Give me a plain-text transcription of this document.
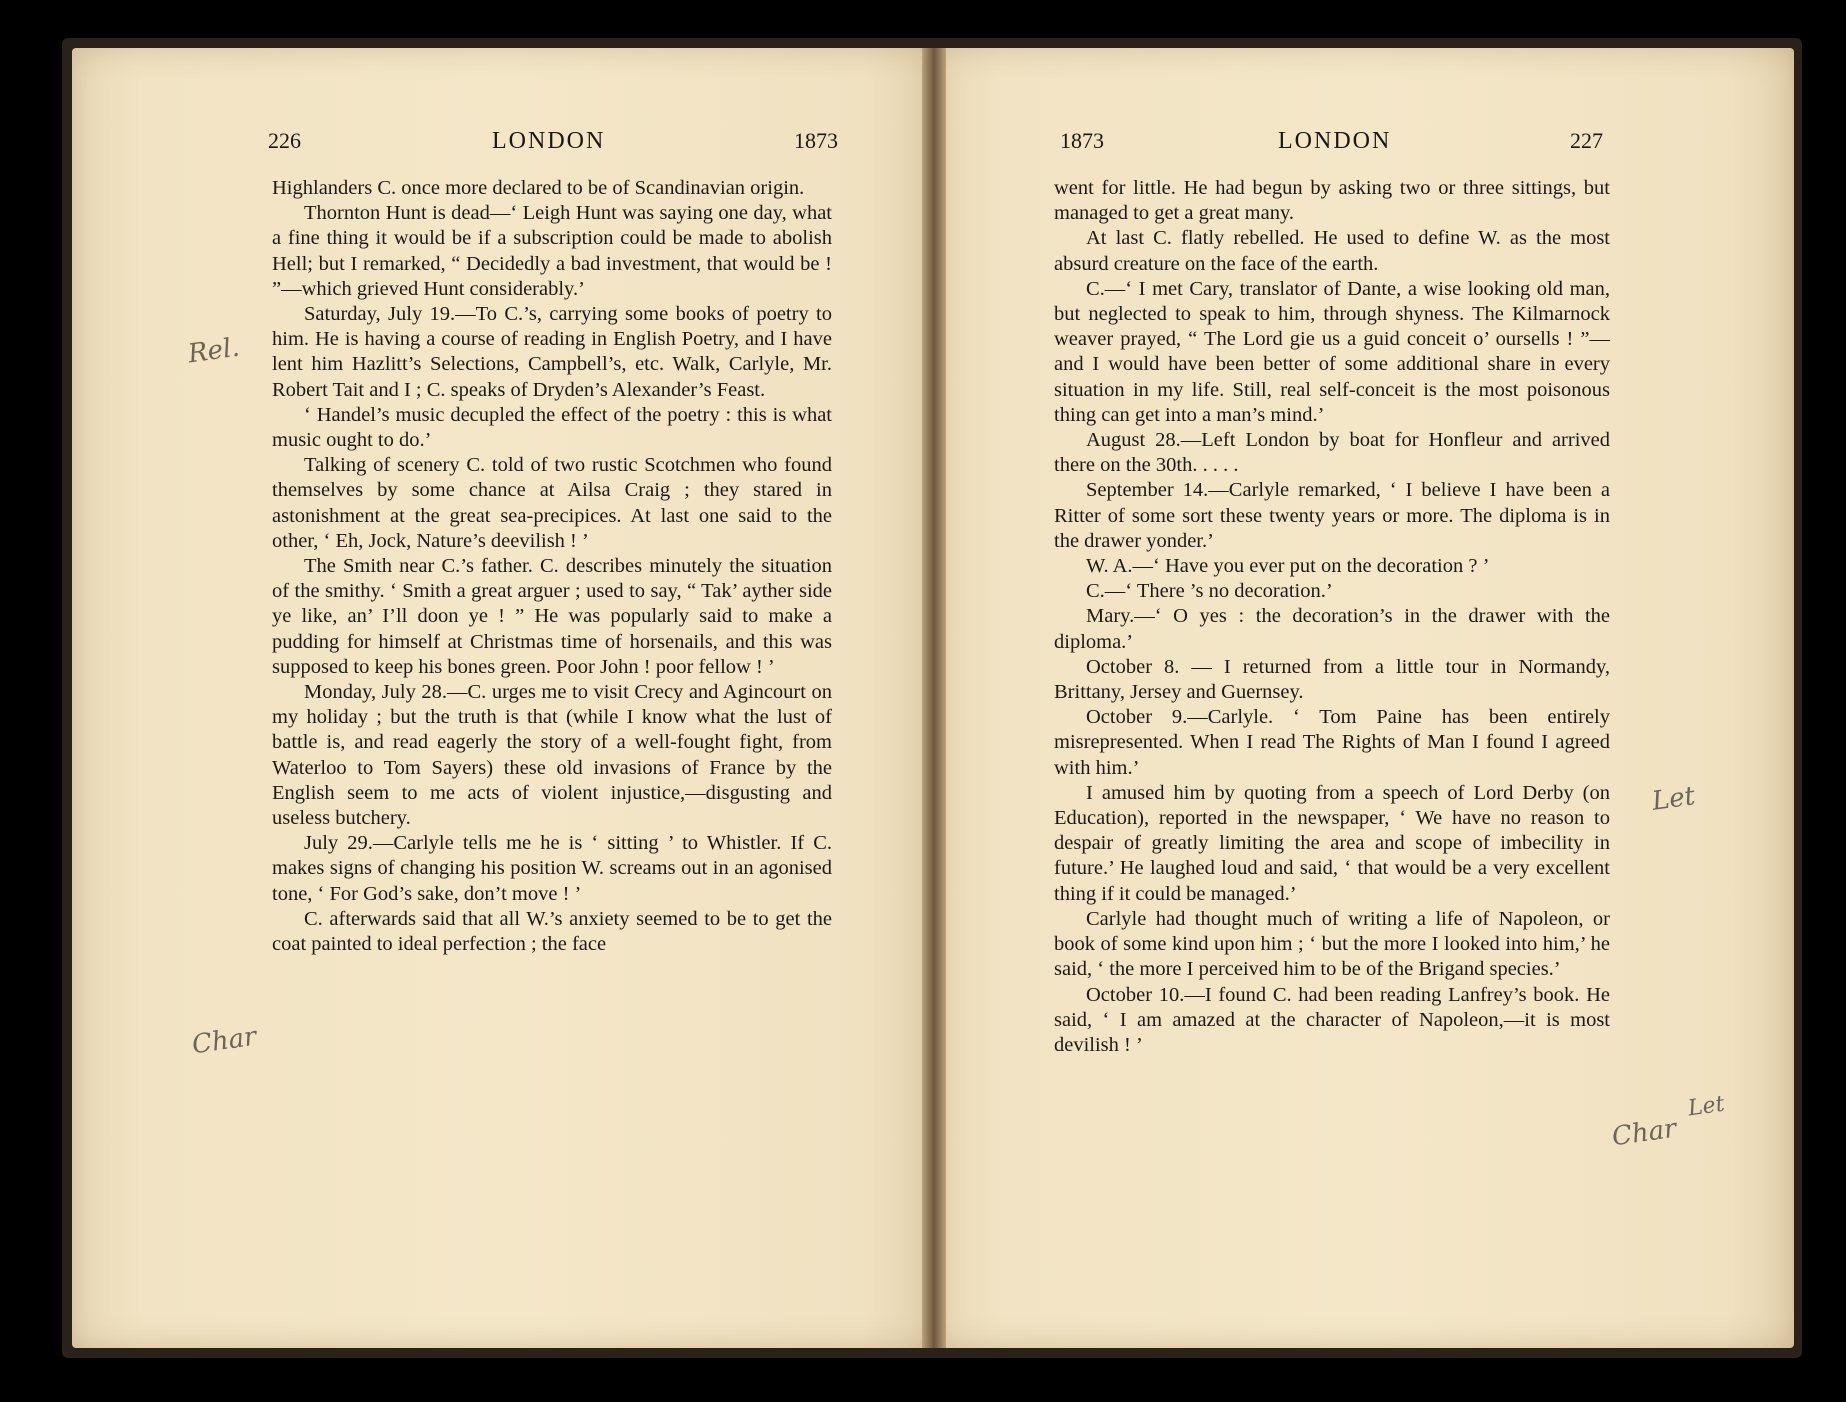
226	LONDON	1873	1873	LONDON	227

Highlanders C. once more declared to be of Scandinavian origin.

Thornton Hunt is dead—‘ Leigh Hunt was saying one day, what a fine thing it would be if a subscription could be made to abolish Hell; but I remarked, “ Decidedly a bad investment, that would be ! ”—which grieved Hunt considerably.’

Saturday, July 19.—To C.’s, carrying some books of poetry to him. He is having a course of reading in English Poetry, and I have lent him Hazlitt’s Selections, Campbell’s, etc. Walk, Carlyle, Mr. Robert Tait and I ; C. speaks of Dryden’s Alexander’s Feast.

‘ Handel’s music decupled the effect of the poetry : this is what music ought to do.’

Talking of scenery C. told of two rustic Scotchmen who found themselves by some chance at Ailsa Craig ; they stared in astonishment at the great sea-precipices. At last one said to the other, ‘ Eh, Jock, Nature’s deevilish ! ’

The Smith near C.’s father. C. describes minutely the situation of the smithy. ‘ Smith a great arguer ; used to say, “ Tak’ ayther side ye like, an’ I’ll doon ye ! ” He was popularly said to make a pudding for himself at Christmas time of horsenails, and this was supposed to keep his bones green. Poor John ! poor fellow ! ’

Monday, July 28.—C. urges me to visit Crecy and Agincourt on my holiday ; but the truth is that (while I know what the lust of battle is, and read eagerly the story of a well-fought fight, from Waterloo to Tom Sayers) these old invasions of France by the English seem to me acts of violent injustice,—disgusting and useless butchery.

July 29.—Carlyle tells me he is ‘ sitting ’ to Whistler. If C. makes signs of changing his position W. screams out in an agonised tone, ‘ For God’s sake, don’t move ! ’

C. afterwards said that all W.’s anxiety seemed to be to get the coat painted to ideal perfection ; the face

went for little. He had begun by asking two or three sittings, but managed to get a great many.

At last C. flatly rebelled. He used to define W. as the most absurd creature on the face of the earth.

C.—‘ I met Cary, translator of Dante, a wise looking old man, but neglected to speak to him, through shyness. The Kilmarnock weaver prayed, “ The Lord gie us a guid conceit o’ oursells ! ”—and I would have been better of some additional share in every situation in my life. Still, real self-conceit is the most poisonous thing can get into a man’s mind.’

August 28.—Left London by boat for Honfleur and arrived there on the 30th. . . . .

September 14.—Carlyle remarked, ‘ I believe I have been a Ritter of some sort these twenty years or more. The diploma is in the drawer yonder.’

W. A.—‘ Have you ever put on the decoration ? ’

C.—‘ There ’s no decoration.’

Mary.—‘ O yes : the decoration’s in the drawer with the diploma.’

October 8. — I returned from a little tour in Normandy, Brittany, Jersey and Guernsey.

October 9.—Carlyle. ‘ Tom Paine has been entirely misrepresented. When I read The Rights of Man I found I agreed with him.’

I amused him by quoting from a speech of Lord Derby (on Education), reported in the newspaper, ‘ We have no reason to despair of greatly limiting the area and scope of imbecility in future.’ He laughed loud and said, ‘ that would be a very excellent thing if it could be managed.’

Carlyle had thought much of writing a life of Napoleon, or book of some kind upon him ; ‘ but the more I looked into him,’ he said, ‘ the more I perceived him to be of the Brigand species.’

October 10.—I found C. had been reading Lanfrey’s book. He said, ‘ I am amazed at the character of Napoleon,—it is most devilish ! ’

Rel.
Char
Let
Char
Let
